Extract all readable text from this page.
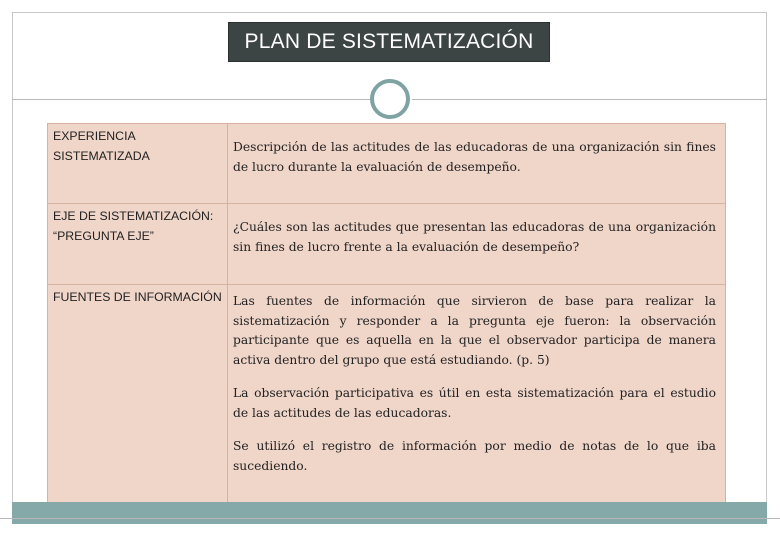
PLAN DE SISTEMATIZACIÓN
EXPERIENCIA SISTEMATIZADA	Descripción de las actitudes de las educadoras de una organización sin fines de lucro durante la evaluación de desempeño.

EJE DE SISTEMATIZACIÓN: “PREGUNTA EJE”	¿Cuáles son las actitudes que presentan las educadoras de una organización sin fines de lucro frente a la evaluación de desempeño?

FUENTES DE INFORMACIÓN	Las fuentes de información que sirvieron de base para realizar la sistematización y responder a la pregunta eje fueron: la observación participante que es aquella en la que el observador participa de manera activa dentro del grupo que está estudiando. (p. 5)

La observación participativa es útil en esta sistematización para el estudio de las actitudes de las educadoras.

Se utilizó el registro de información por medio de notas de lo que iba sucediendo.
